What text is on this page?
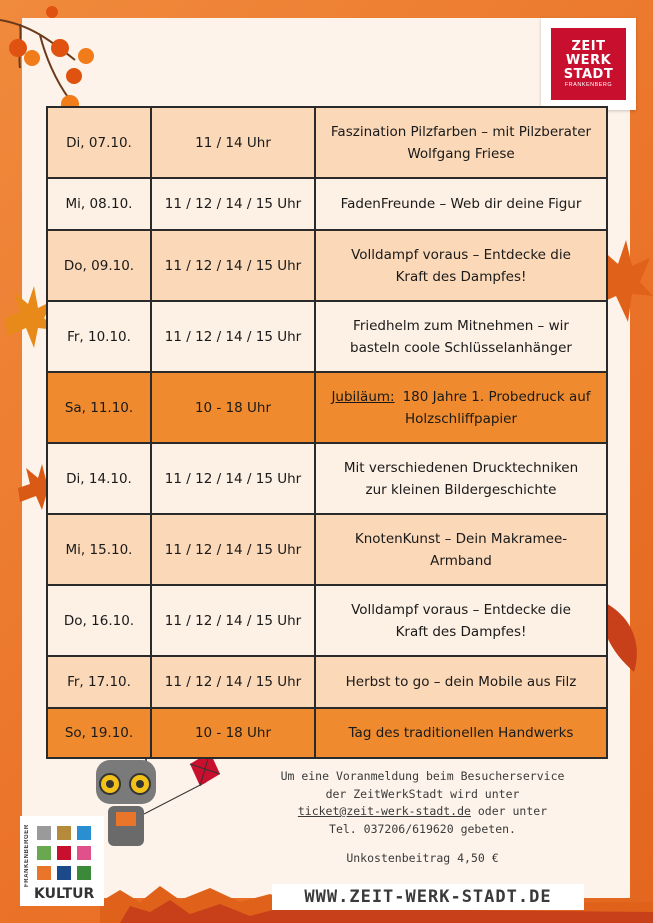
ZEIT
WERK
STADT
FRANKENBERG
Di, 07.10.	11 / 14 Uhr	Faszination Pilzfarben – mit Pilzberater
Wolfgang Friese

Mi, 08.10.	11 / 12 / 14 / 15 Uhr	FadenFreunde – Web dir deine Figur

Do, 09.10.	11 / 12 / 14 / 15 Uhr	Volldampf voraus – Entdecke die
Kraft des Dampfes!

Fr, 10.10.	11 / 12 / 14 / 15 Uhr	Friedhelm zum Mitnehmen – wir
basteln coole Schlüsselanhänger

Sa, 11.10.	10 - 18 Uhr	Jubiläum: 180 Jahre 1. Probedruck auf
Holzschliffpapier

Di, 14.10.	11 / 12 / 14 / 15 Uhr	Mit verschiedenen Drucktechniken
zur kleinen Bildergeschichte

Mi, 15.10.	11 / 12 / 14 / 15 Uhr	KnotenKunst – Dein Makramee-
Armband

Do, 16.10.	11 / 12 / 14 / 15 Uhr	Volldampf voraus – Entdecke die
Kraft des Dampfes!

Fr, 17.10.	11 / 12 / 14 / 15 Uhr	Herbst to go – dein Mobile aus Filz

So, 19.10.	10 - 18 Uhr	Tag des traditionellen Handwerks
Um eine Voranmeldung beim Besucherservice
der ZeitWerkStadt wird unter
ticket@zeit-werk-stadt.de oder unter
Tel. 037206/619620 gebeten.
Unkostenbeitrag 4,50 €
WWW.ZEIT-WERK-STADT.DE
FRANKENBERGER
KULTUR
